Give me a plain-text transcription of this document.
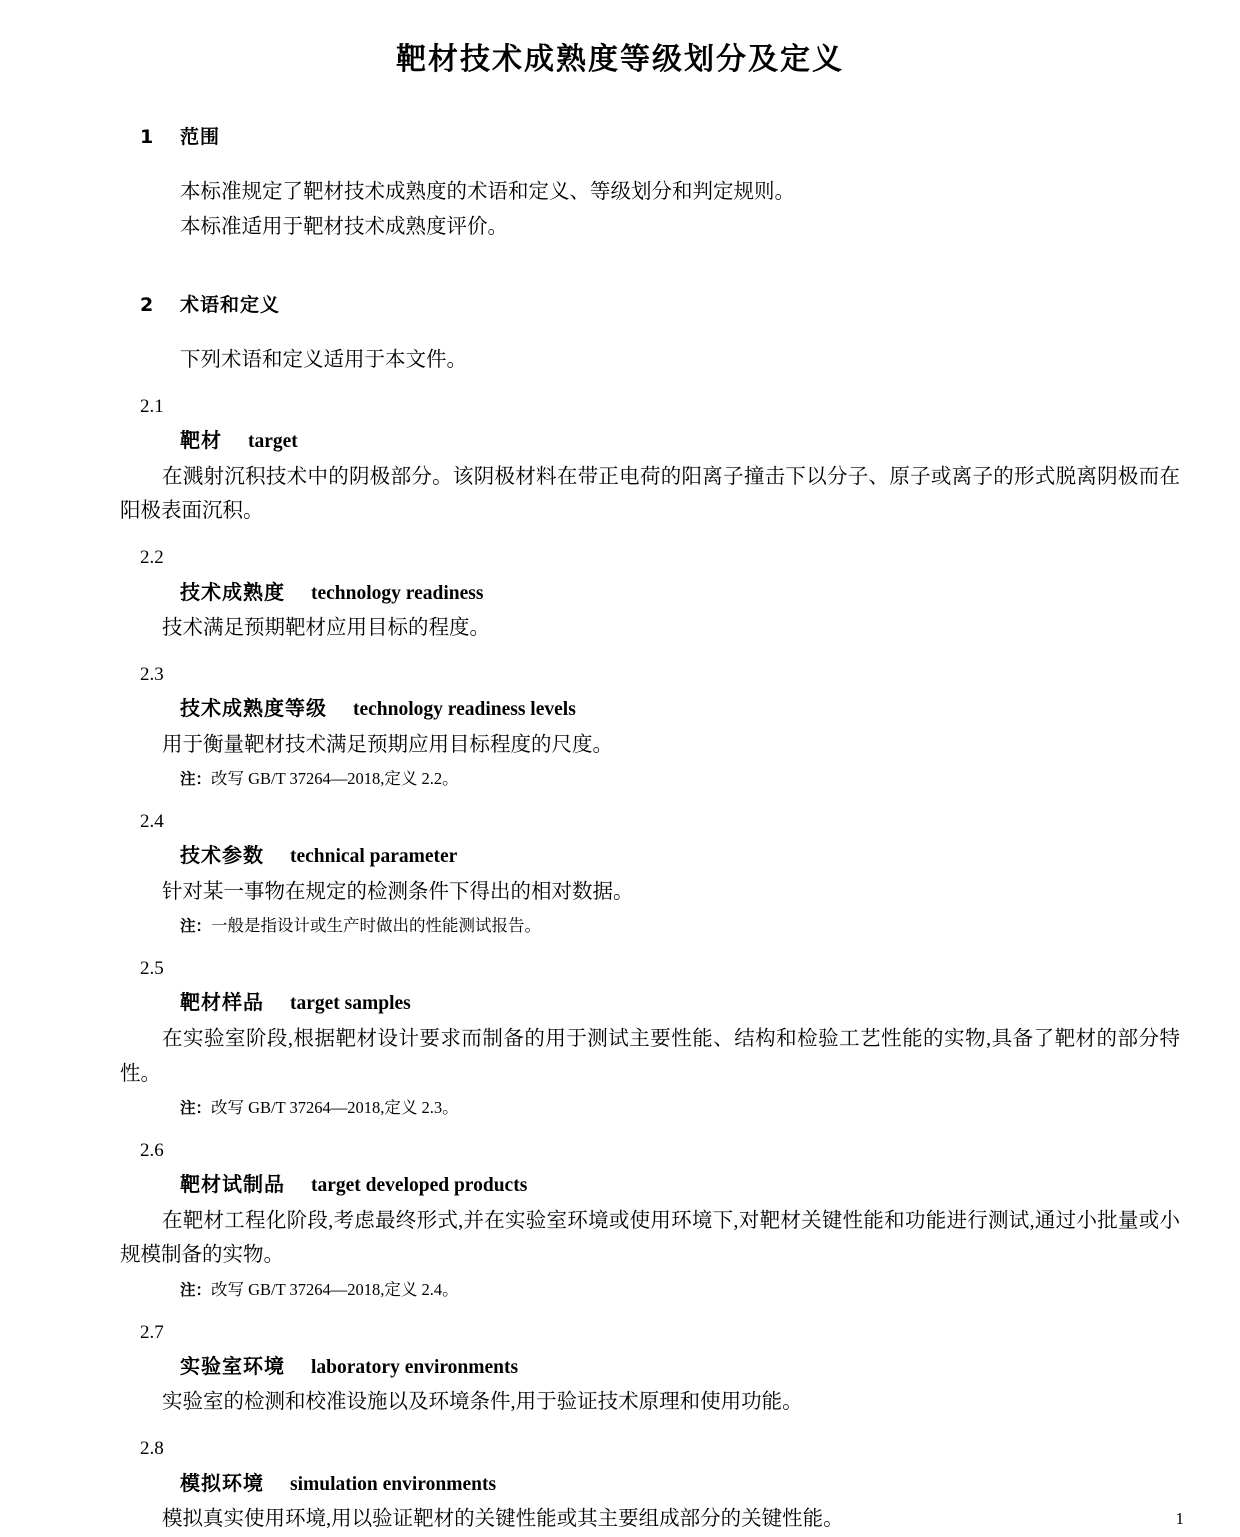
靶材技术成熟度等级划分及定义
1 范围

本标准规定了靶材技术成熟度的术语和定义、等级划分和判定规则。

本标准适用于靶材技术成熟度评价。

2 术语和定义

下列术语和定义适用于本文件。

2.1
靶材 target

在溅射沉积技术中的阴极部分。该阴极材料在带正电荷的阳离子撞击下以分子、原子或离子的形式脱离阴极而在阳极表面沉积。

2.2
技术成熟度 technology readiness

技术满足预期靶材应用目标的程度。

2.3
技术成熟度等级 technology readiness levels

用于衡量靶材技术满足预期应用目标程度的尺度。

注：改写 GB/T 37264—2018,定义 2.2。

2.4
技术参数 technical parameter

针对某一事物在规定的检测条件下得出的相对数据。

注：一般是指设计或生产时做出的性能测试报告。

2.5
靶材样品 target samples

在实验室阶段,根据靶材设计要求而制备的用于测试主要性能、结构和检验工艺性能的实物,具备了靶材的部分特性。

注：改写 GB/T 37264—2018,定义 2.3。

2.6
靶材试制品 target developed products

在靶材工程化阶段,考虑最终形式,并在实验室环境或使用环境下,对靶材关键性能和功能进行测试,通过小批量或小规模制备的实物。

注：改写 GB/T 37264—2018,定义 2.4。

2.7
实验室环境 laboratory environments

实验室的检测和校准设施以及环境条件,用于验证技术原理和使用功能。

2.8
模拟环境 simulation environments

模拟真实使用环境,用以验证靶材的关键性能或其主要组成部分的关键性能。	1
